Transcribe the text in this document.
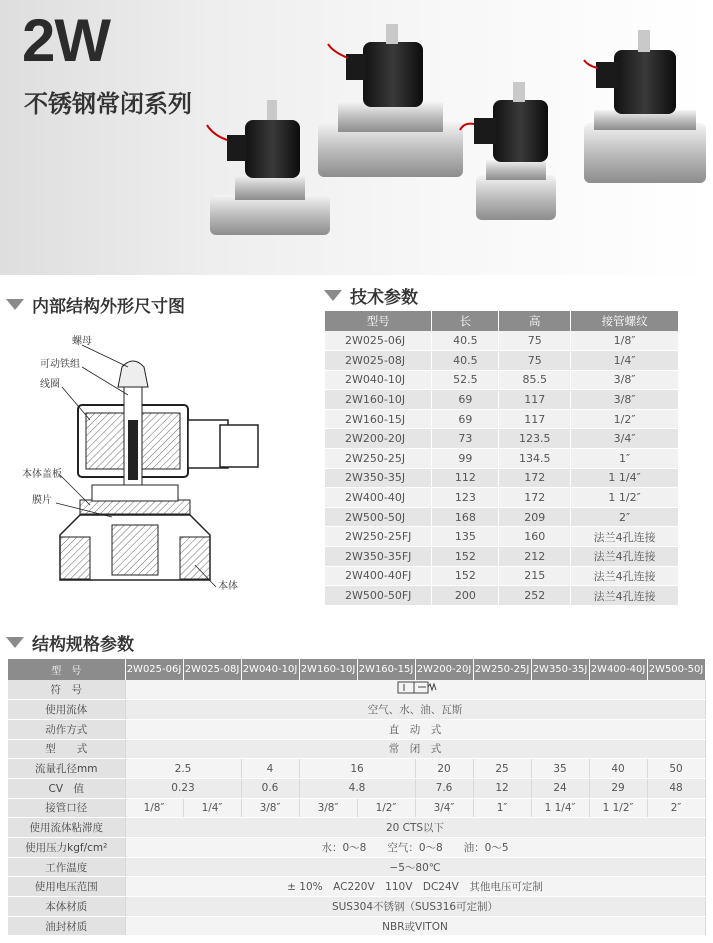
2W
不锈钢常闭系列
内部结构外形尺寸图
螺母
可动铁组
线圈
本体盖板
膜片
本体
技术参数
型号	长	高	接管螺纹
2W025-06J	40.5	75	1/8″
2W025-08J	40.5	75	1/4″
2W040-10J	52.5	85.5	3/8″
2W160-10J	69	117	3/8″
2W160-15J	69	117	1/2″
2W200-20J	73	123.5	3/4″
2W250-25J	99	134.5	1″
2W350-35J	112	172	1 1/4″
2W400-40J	123	172	1 1/2″
2W500-50J	168	209	2″
2W250-25FJ	135	160	法兰4孔连接
2W350-35FJ	152	212	法兰4孔连接
2W400-40FJ	152	215	法兰4孔连接
2W500-50FJ	200	252	法兰4孔连接
结构规格参数
型　号	2W025-06J	2W025-08J	2W040-10J	2W160-10J	2W160-15J	2W200-20J	2W250-25J	2W350-35J	2W400-40J	2W500-50J
符　号	
使用流体	空气、水、油、瓦斯									
动作方式	直　动　式									
型　　式	常　闭　式									
流量孔径mm	2.5		4	16		20	25	35	40	50
CV　值	0.23		0.6	4.8		7.6	12	24	29	48
接管口径	1/8″	1/4″	3/8″	3/8″	1/2″	3/4″	1″	1 1/4″	1 1/2″	2″
使用流体粘滞度	20 CTS以下									
使用压力kgf/cm²	水：0～8　　空气：0～8　　油：0～5									
工作温度	−5～80℃									
使用电压范围	± 10%　AC220V　110V　DC24V　其他电压可定制									
本体材质	SUS304不锈钢（SUS316可定制）									
油封材质	NBR或VITON									
